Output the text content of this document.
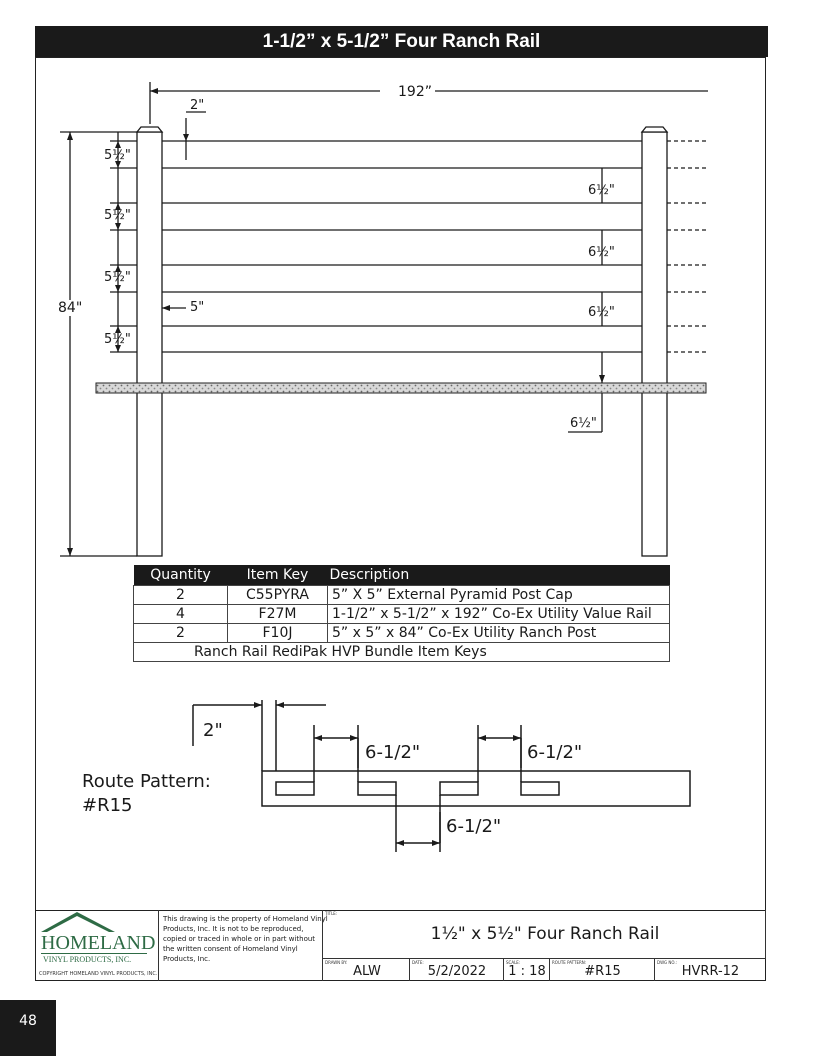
1-1/2” x 5-1/2” Four Ranch Rail
192”
2"
84"	5"
5½"
5½"
5½"
5½"
6½"
6½"
6½"
6½"
Quantity	Item Key	Description
2	C55PYRA	5” X 5” External Pyramid Post Cap
4	F27M	1-1/2” x 5-1/2” x 192” Co-Ex Utility Value Rail
2	F10J	5” x 5” x 84” Co-Ex Utility Ranch Post
Ranch Rail RediPak HVP Bundle Item Keys		
Route Pattern:
#R15
2"
6-1/2"	6-1/2"
6-1/2"
HOMELAND
VINYL PRODUCTS, INC.
COPYRIGHT HOMELAND VINYL PRODUCTS, INC.
This drawing is the property of Homeland Vinyl Products, Inc. It is not to be reproduced, copied or traced in whole or in part without the written consent of Homeland Vinyl Products, Inc.
TITLE:
1½" x 5½" Four Ranch Rail
DRAWN BY:
ALW
DATE:
5/2/2022
SCALE:
1 : 18
ROUTE PATTERN:
#R15
DWG NO.:
HVRR-12
48
